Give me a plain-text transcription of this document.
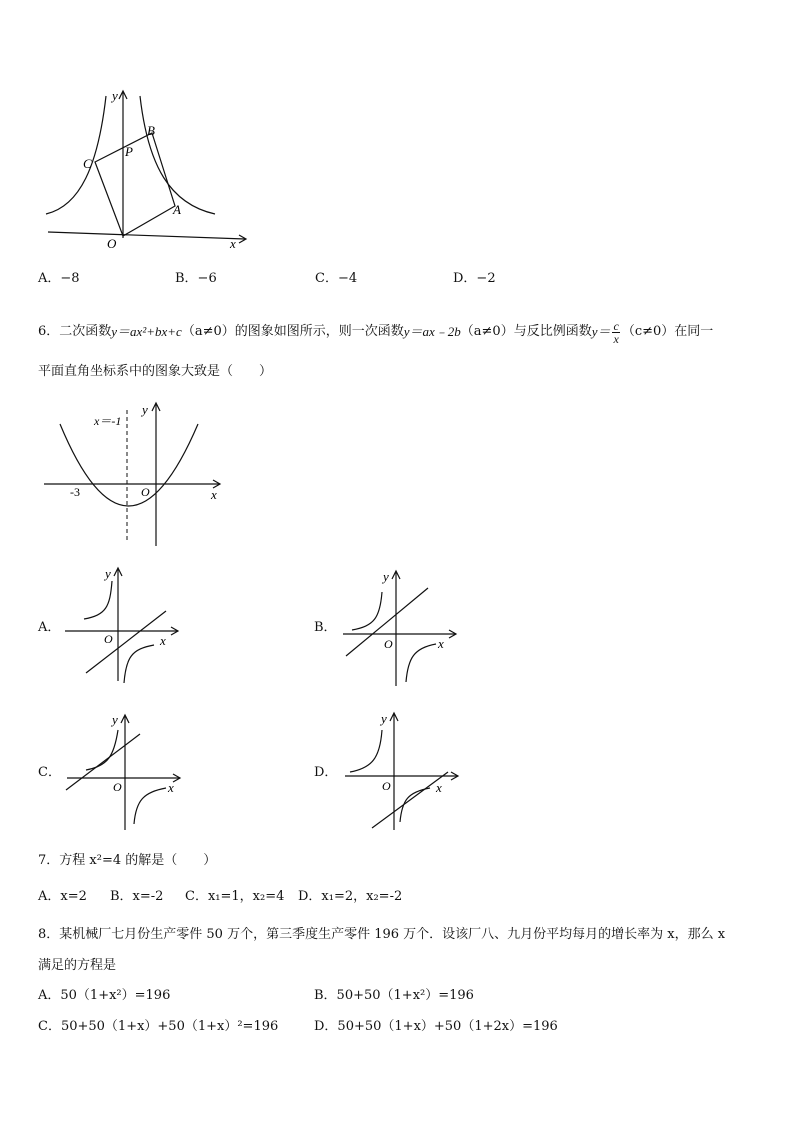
y
x
B
C
P
A
O
A．−8	B．−6	C．−4	D．−2
6．二次函数 y＝ax²+bx+c （a≠0）的图象如图所示，则一次函数 y＝ax﹣2b （a≠0）与反比例函数 $y= \frac{c}{x} (c\ne 0)$在同一
平面直角坐标系中的图象大致是（　　）
x＝-1
y
x
O
-3
A．
y
x
O
B．
y
x
O
C．
y
x
O
D．
y
x
O
7．方程 x²=4 的解是（　　）
A．x=2 B．x=-2 C．x₁=1，x₂=4 D．x₁=2，x₂=-2
8．某机械厂七月份生产零件 50 万个，第三季度生产零件 196 万个．设该厂八、九月份平均每月的增长率为 x，那么 x
满足的方程是
A．50（1+x²）=196	B．50+50（1+x²）=196
C．50+50（1+x）+50（1+x）²=196	D．50+50（1+x）+50（1+2x）=196
